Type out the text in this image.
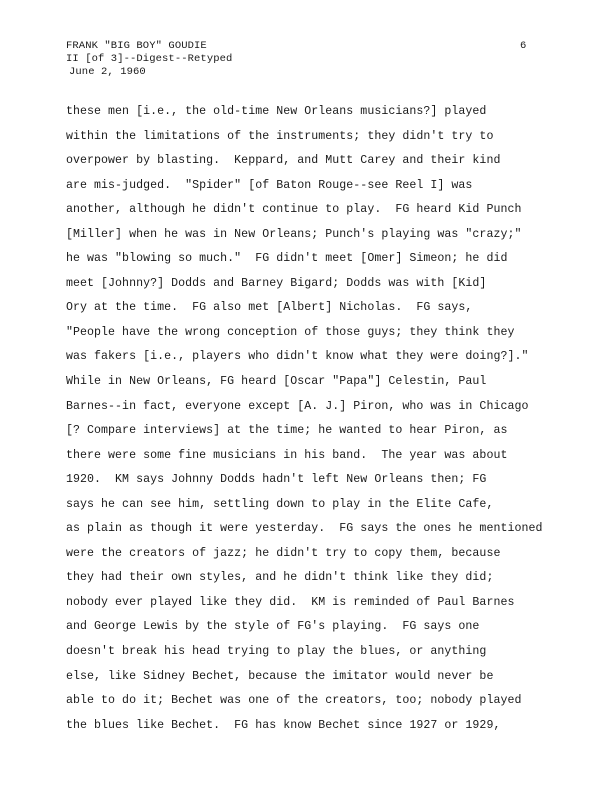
FRANK "BIG BOY" GOUDIE
II [of 3]--Digest--Retyped
June 2, 1960
6
these men [i.e., the old-time New Orleans musicians?] played
within the limitations of the instruments; they didn't try to
overpower by blasting.  Keppard, and Mutt Carey and their kind
are mis-judged.  "Spider" [of Baton Rouge--see Reel I] was
another, although he didn't continue to play.  FG heard Kid Punch
[Miller] when he was in New Orleans; Punch's playing was "crazy;"
he was "blowing so much."  FG didn't meet [Omer] Simeon; he did
meet [Johnny?] Dodds and Barney Bigard; Dodds was with [Kid]
Ory at the time.  FG also met [Albert] Nicholas.  FG says,
"People have the wrong conception of those guys; they think they
was fakers [i.e., players who didn't know what they were doing?]."
While in New Orleans, FG heard [Oscar "Papa"] Celestin, Paul
Barnes--in fact, everyone except [A. J.] Piron, who was in Chicago
[? Compare interviews] at the time; he wanted to hear Piron, as
there were some fine musicians in his band.  The year was about
1920.  KM says Johnny Dodds hadn't left New Orleans then; FG
says he can see him, settling down to play in the Elite Cafe,
as plain as though it were yesterday.  FG says the ones he mentioned
were the creators of jazz; he didn't try to copy them, because
they had their own styles, and he didn't think like they did;
nobody ever played like they did.  KM is reminded of Paul Barnes
and George Lewis by the style of FG's playing.  FG says one
doesn't break his head trying to play the blues, or anything
else, like Sidney Bechet, because the imitator would never be
able to do it; Bechet was one of the creators, too; nobody played
the blues like Bechet.  FG has know Bechet since 1927 or 1929,
